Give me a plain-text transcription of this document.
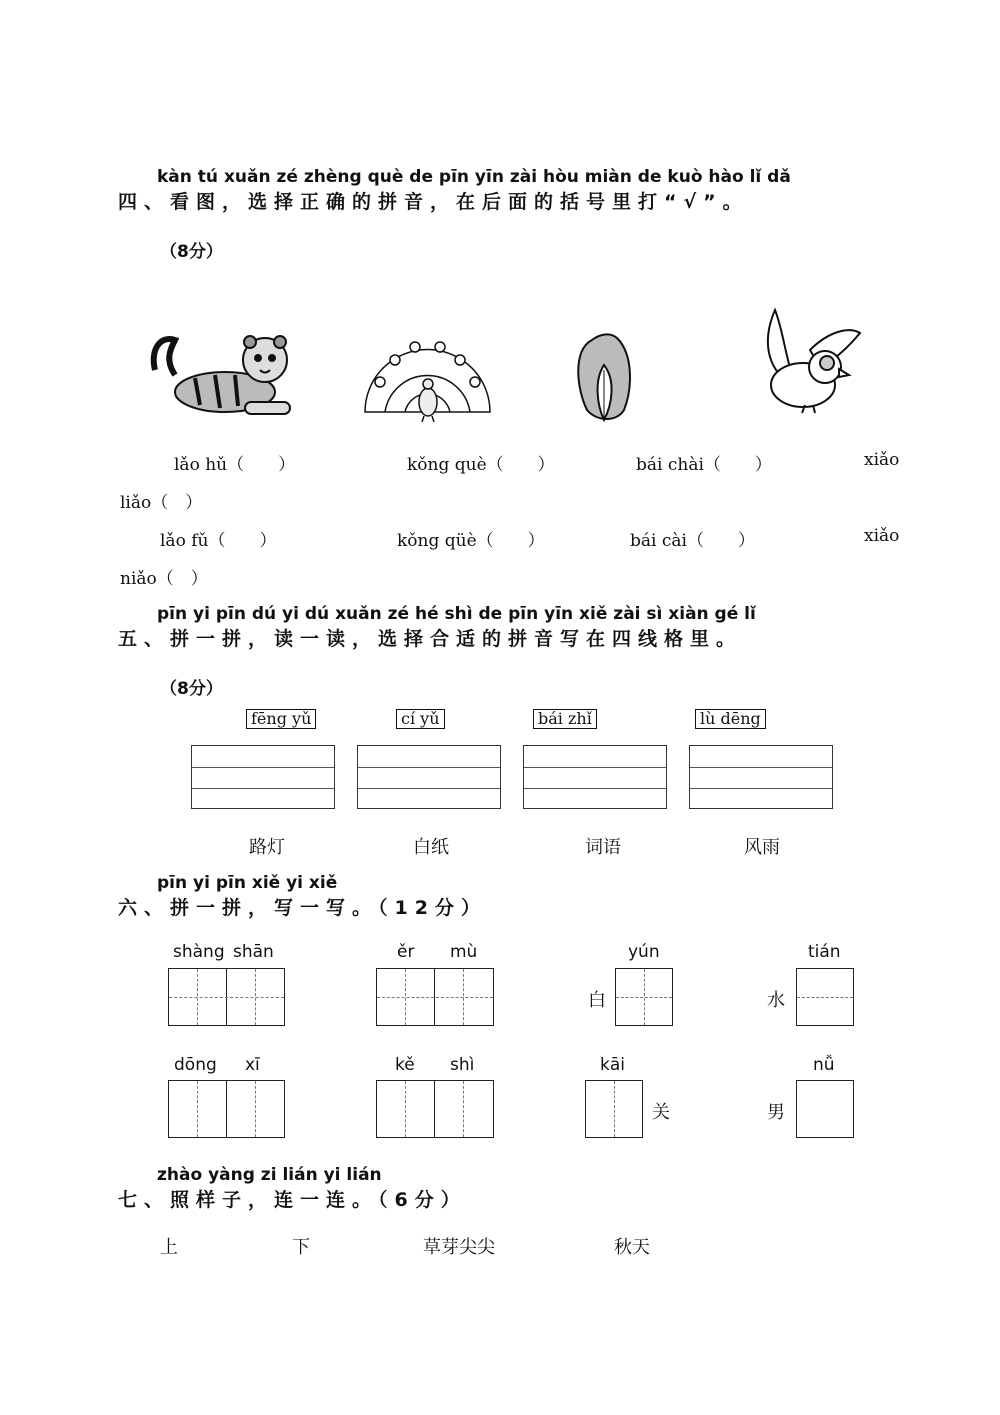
kàn tú xuǎn zé zhèng què de pīn yīn zài hòu miàn de kuò hào lǐ dǎ
四、看图，选择正确的拼音，在后面的括号里打“√”。
（8分）
lǎo hǔ（　　）	kǒng què（　　）	bái chài（　　）	xiǎo
liǎo（　）
lǎo fǔ（　　）	kǒng qüè（　　）	bái cài（　　）	xiǎo
niǎo（　）
pīn yi pīn dú yi dú xuǎn zé hé shì de pīn yīn xiě zài sì xiàn gé lǐ
五、拼一拼，读一读，选择合适的拼音写在四线格里。
（8分）
fēng yǔ	cí yǔ	bái zhǐ	lù dēng
路灯	白纸	词语	风雨
pīn yi pīn xiě yi xiě
六、拼一拼，写一写。（12分）
shàng shān	ěr mù	yún
白
tián
水
dōng xī	kě shì	kāi
关
nǚ
男
zhào yàng zi lián yi lián
七、照样子，连一连。（6分）
上	下	草芽尖尖	秋天
